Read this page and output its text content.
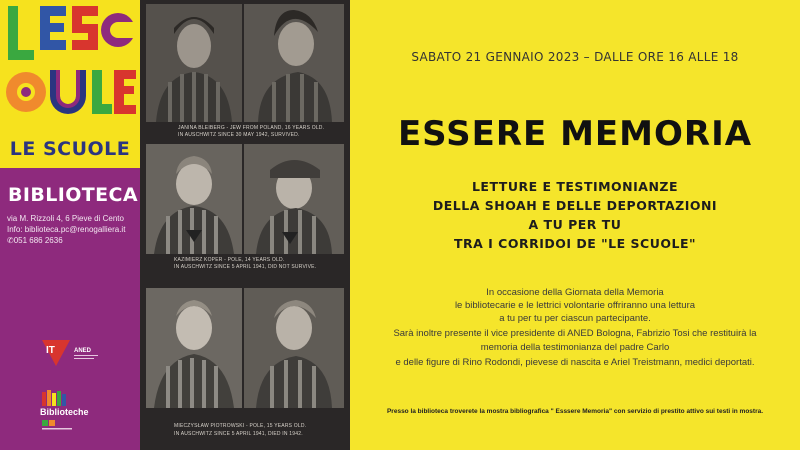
LE SCUOLE
BIBLIOTECA
via M. Rizzoli 4, 6 Pieve di Cento
Info: biblioteca.pc@renogalliera.it
✆051 686 2636
IT	ANED
Biblioteche
JANINA BLEIBERG - JEW FROM POLAND, 16 YEARS OLD.
IN AUSCHWITZ SINCE 30 MAY 1942, SURVIVED.
KAZIMIERZ KOPER - POLE, 14 YEARS OLD.
IN AUSCHWITZ SINCE 5 APRIL 1941, DID NOT SURVIVE.
MIECZYSŁAW PIOTROWSKI - POLE, 15 YEARS OLD.
IN AUSCHWITZ SINCE 5 APRIL 1941, DIED IN 1942.
SABATO 21 GENNAIO 2023 – DALLE ORE 16 ALLE 18
ESSERE MEMORIA
LETTURE E TESTIMONIANZE
DELLA SHOAH E DELLE DEPORTAZIONI
A TU PER TU
TRA I CORRIDOI DE "LE SCUOLE"
In occasione della Giornata della Memoria
le bibliotecarie e le lettrici volontarie offriranno una lettura
a tu per tu per ciascun partecipante.
Sarà inoltre presente il vice presidente di ANED Bologna, Fabrizio Tosi che restituirà la
memoria della testimonianza del padre Carlo
e delle figure di Rino Rodondi, pievese di nascita e Ariel Treistmann, medici deportati.
Presso la biblioteca troverete la mostra bibliografica " Esssere Memoria" con servizio di prestito attivo sui testi in mostra.
